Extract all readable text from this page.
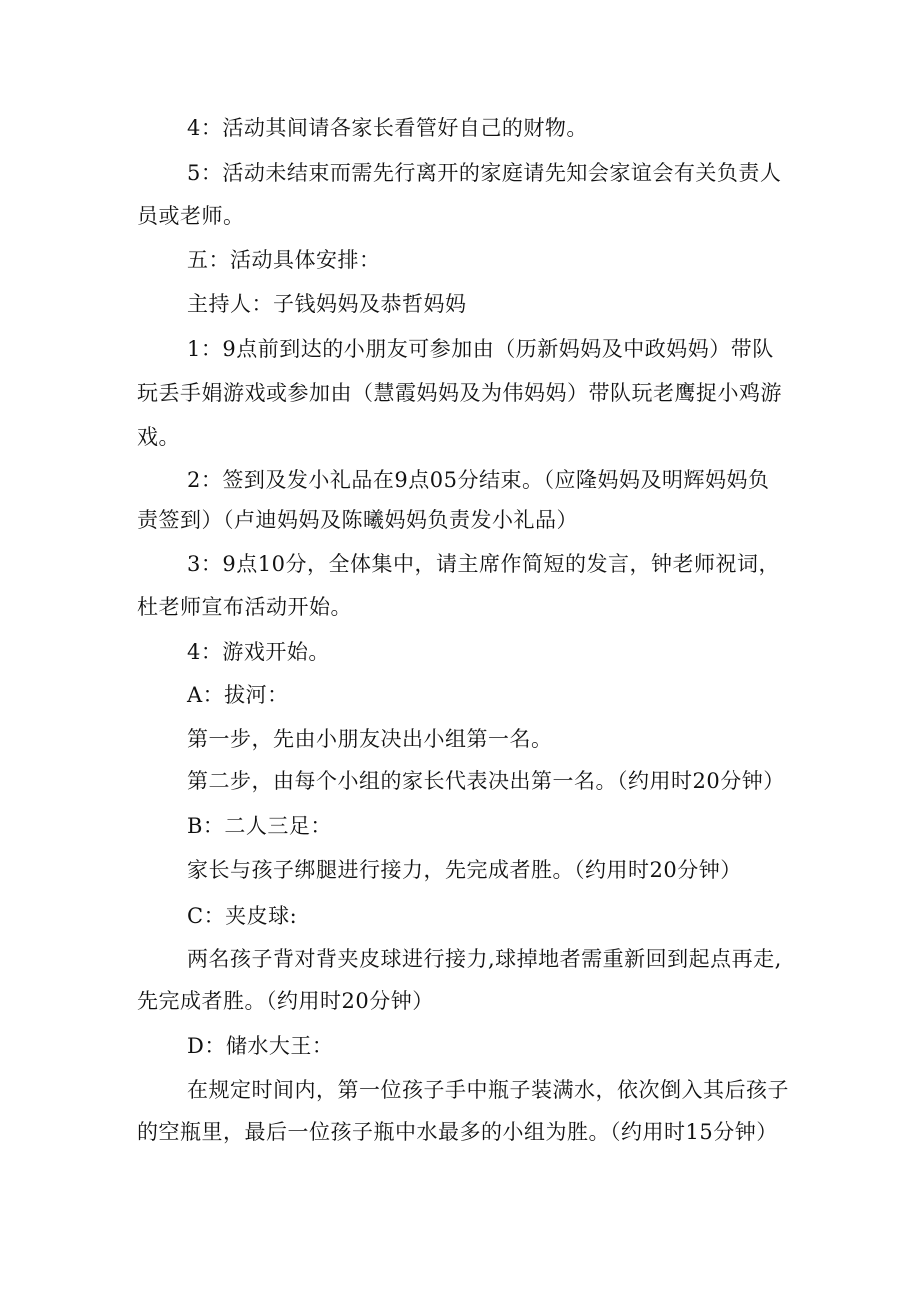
4：活动其间请各家长看管好自己的财物。
5：活动未结束而需先行离开的家庭请先知会家谊会有关负责人
员或老师。
五：活动具体安排：
主持人：子钱妈妈及恭哲妈妈
1：9点前到达的小朋友可参加由（历新妈妈及中政妈妈）带队
玩丢手娟游戏或参加由（慧霞妈妈及为伟妈妈）带队玩老鹰捉小鸡游
戏。
2：签到及发小礼品在9点05分结束。（应隆妈妈及明辉妈妈负
责签到）（卢迪妈妈及陈曦妈妈负责发小礼品）
3：9点10分，全体集中，请主席作简短的发言，钟老师祝词，
杜老师宣布活动开始。
4：游戏开始。
A：拔河：
第一步，先由小朋友决出小组第一名。
第二步，由每个小组的家长代表决出第一名。（约用时20分钟）
B：二人三足：
家长与孩子绑腿进行接力，先完成者胜。（约用时20分钟）
C：夹皮球:
两名孩子背对背夹皮球进行接力,球掉地者需重新回到起点再走,
先完成者胜。（约用时20分钟）
D：储水大王：
在规定时间内，第一位孩子手中瓶子装满水，依次倒入其后孩子
的空瓶里，最后一位孩子瓶中水最多的小组为胜。（约用时15分钟）
